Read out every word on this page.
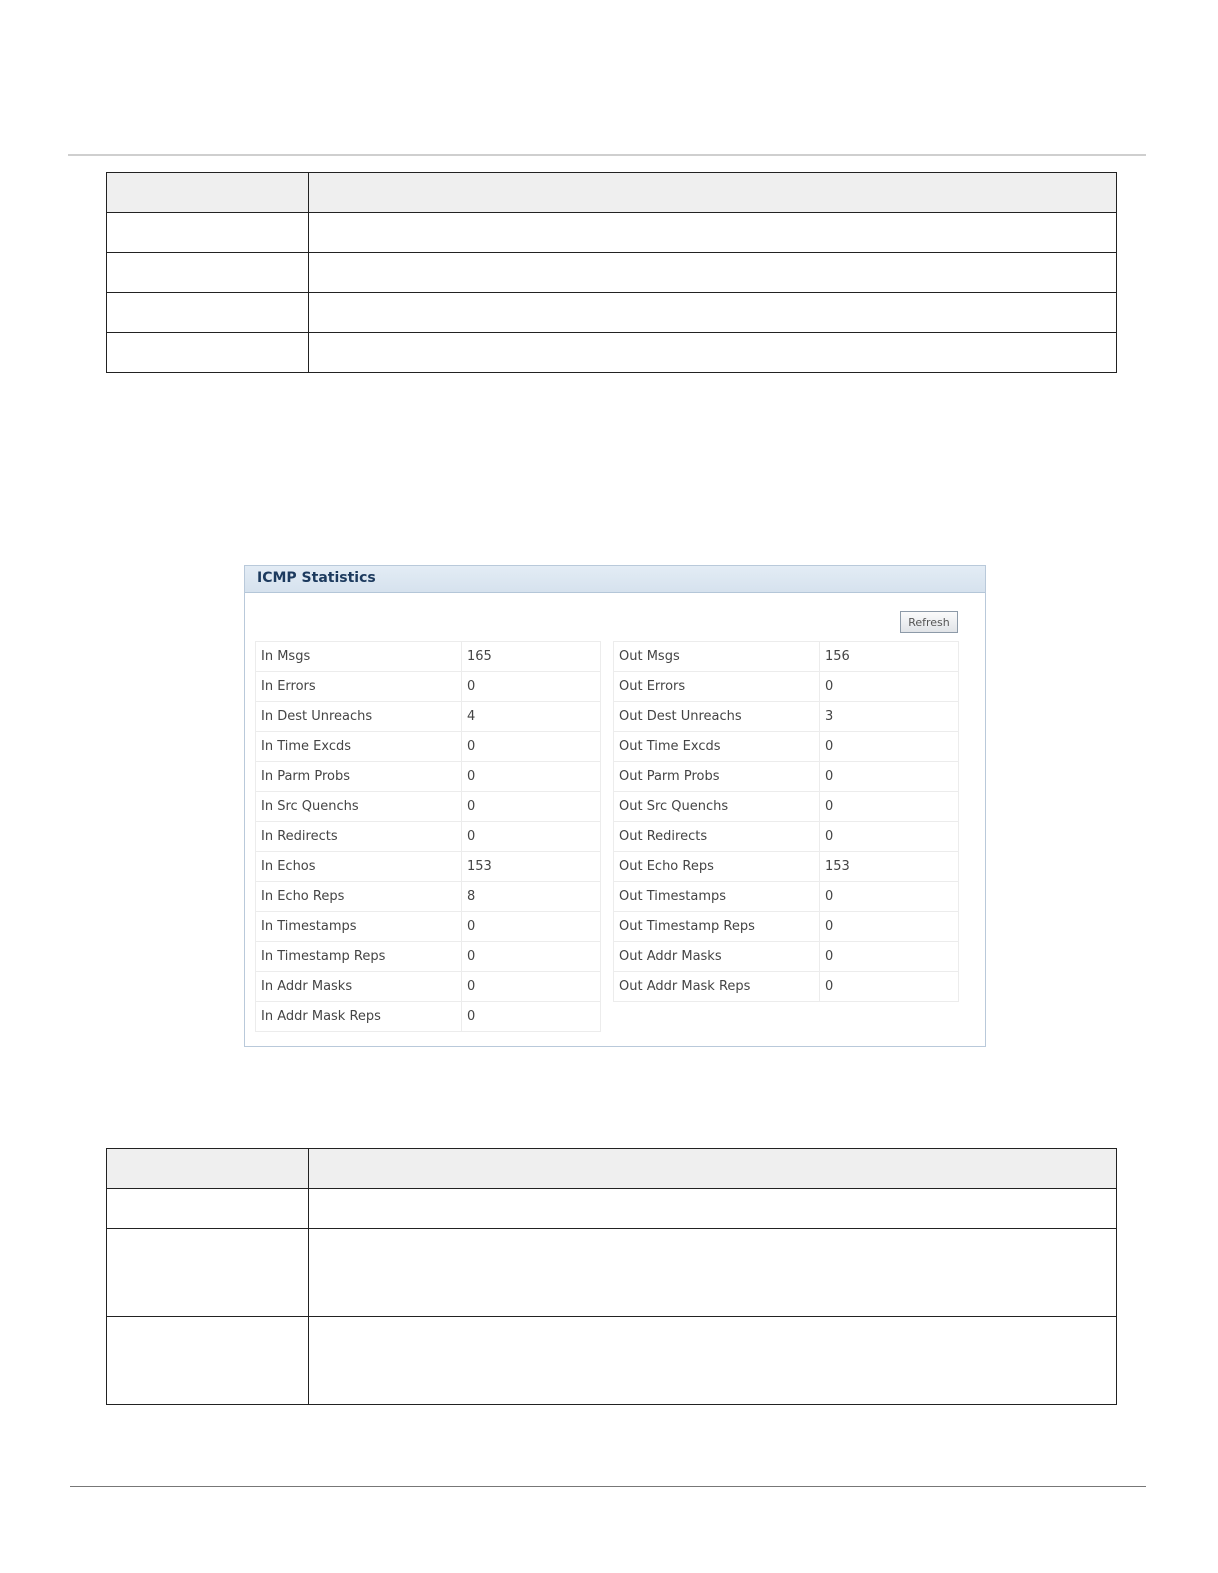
ICMP Statistics
Refresh
In Msgs	165
In Errors	0
In Dest Unreachs	4
In Time Excds	0
In Parm Probs	0
In Src Quenchs	0
In Redirects	0
In Echos	153
In Echo Reps	8
In Timestamps	0
In Timestamp Reps	0
In Addr Masks	0
In Addr Mask Reps	0
Out Msgs	156
Out Errors	0
Out Dest Unreachs	3
Out Time Excds	0
Out Parm Probs	0
Out Src Quenchs	0
Out Redirects	0
Out Echo Reps	153
Out Timestamps	0
Out Timestamp Reps	0
Out Addr Masks	0
Out Addr Mask Reps	0
